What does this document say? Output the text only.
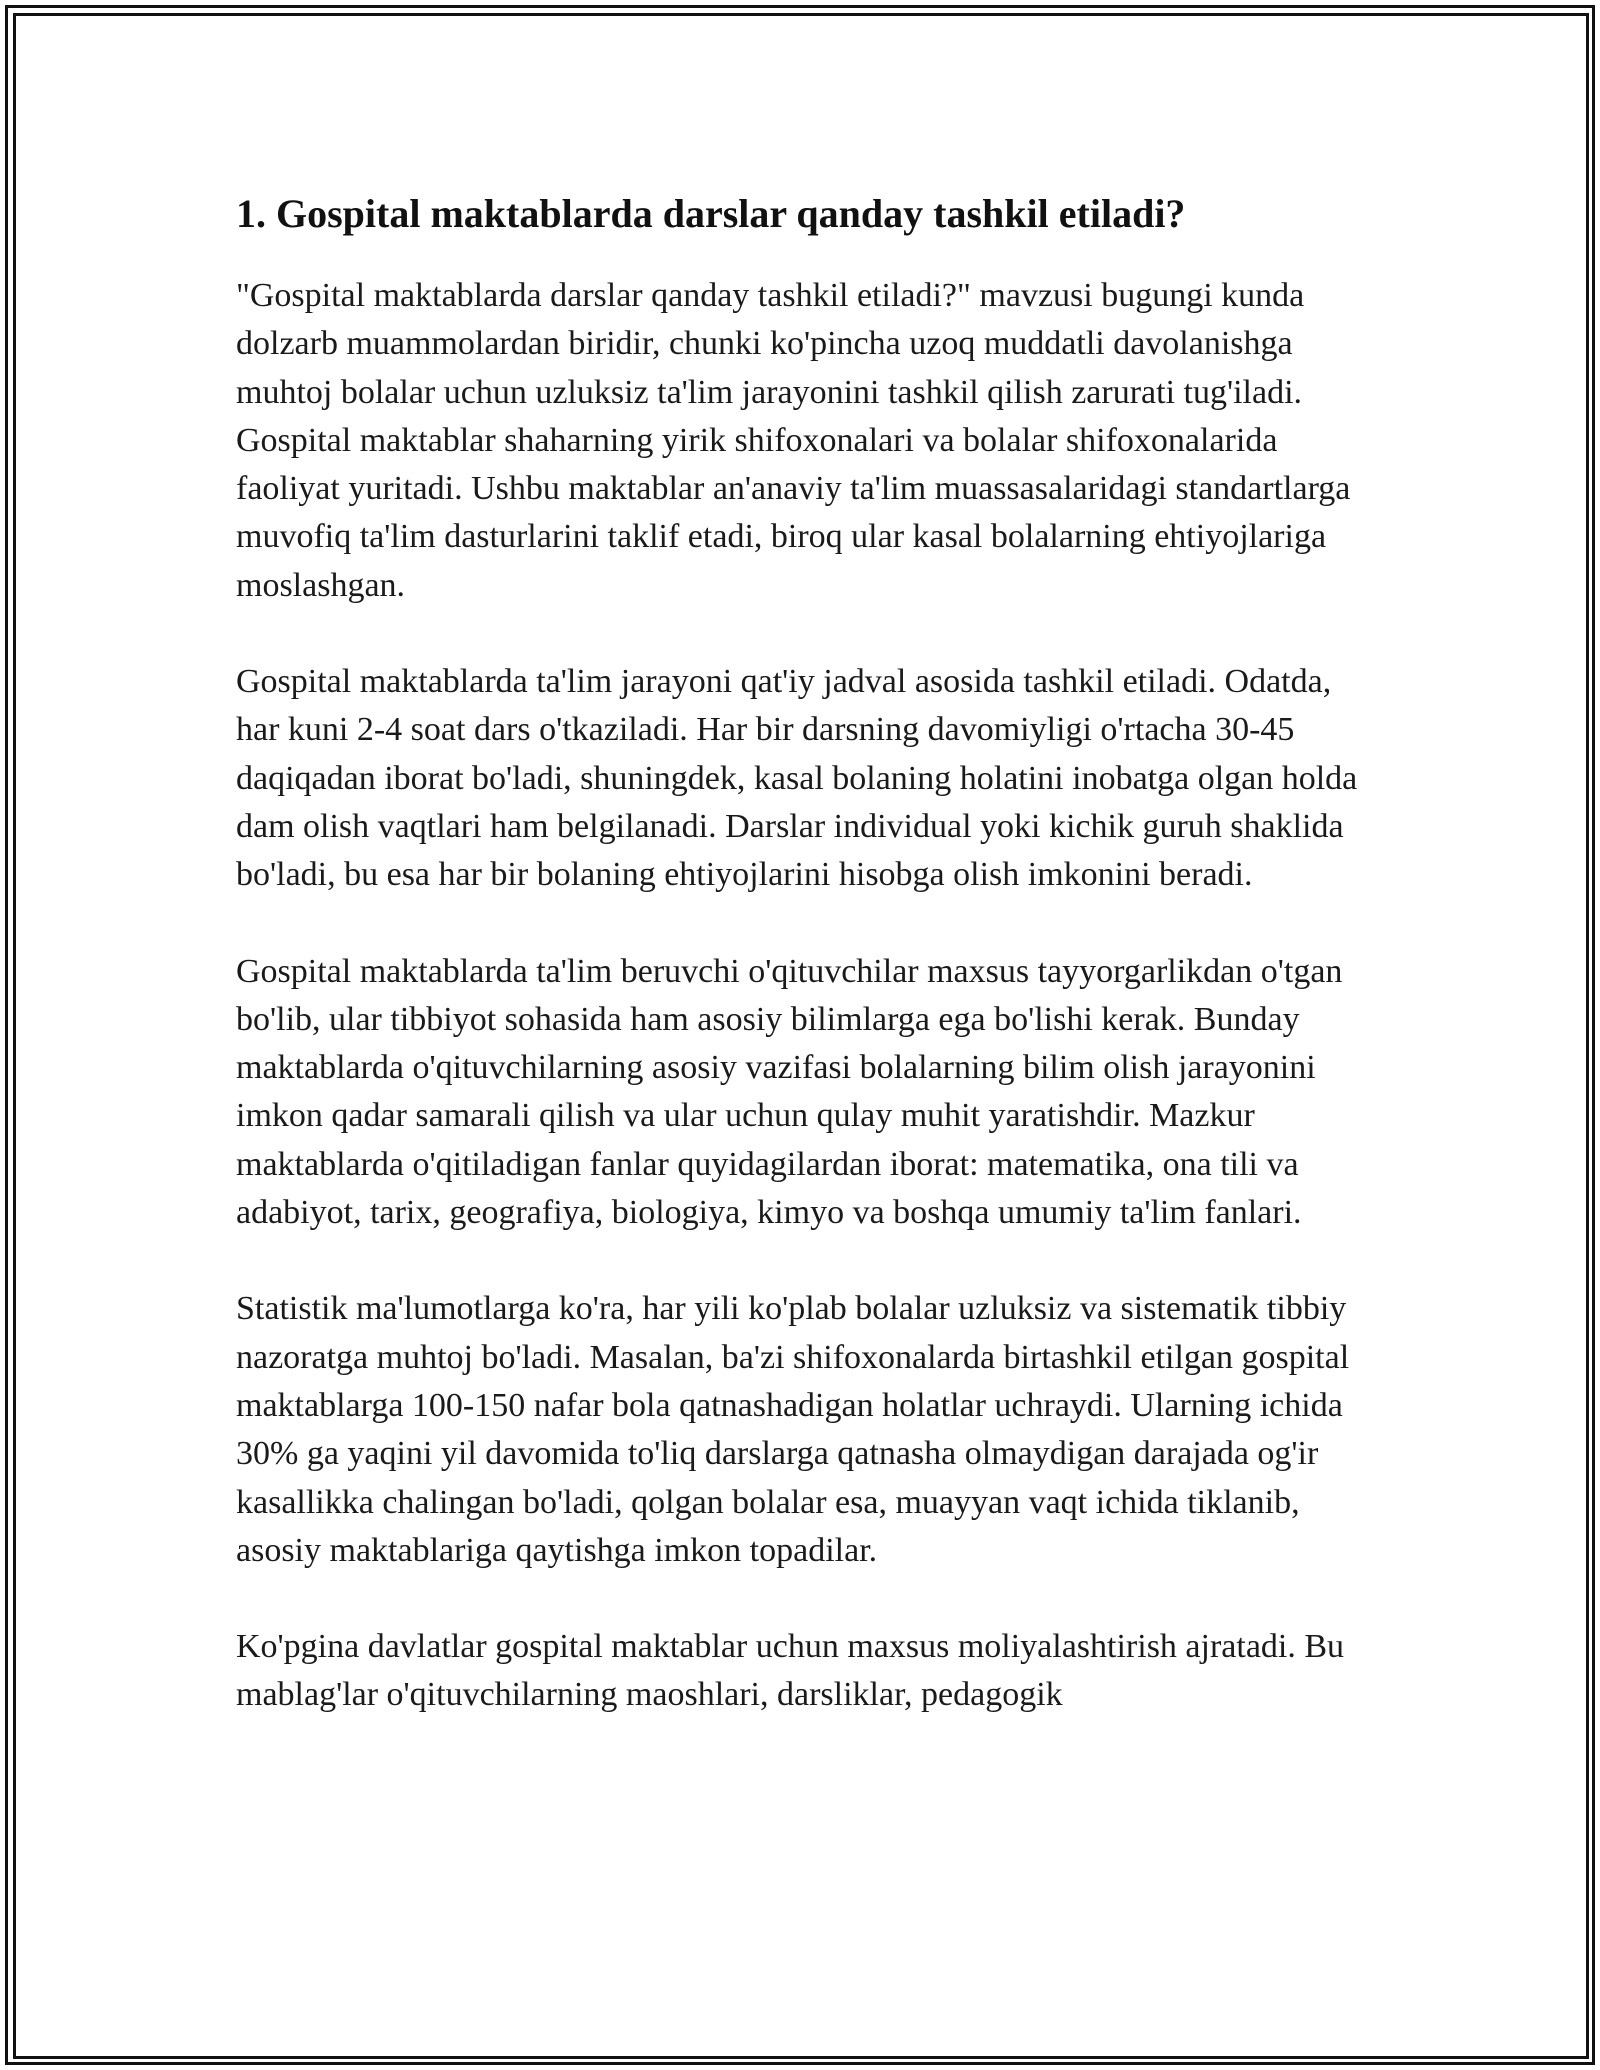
1. Gospital maktablarda darslar qanday tashkil etiladi?

"Gospital maktablarda darslar qanday tashkil etiladi?" mavzusi bugungi kunda dolzarb muammolardan biridir, chunki ko'pincha uzoq muddatli davolanishga muhtoj bolalar uchun uzluksiz ta'lim jarayonini tashkil qilish zarurati tug'iladi. Gospital maktablar shaharning yirik shifoxonalari va bolalar shifoxonalarida faoliyat yuritadi. Ushbu maktablar an'anaviy ta'lim muassasalaridagi standartlarga muvofiq ta'lim dasturlarini taklif etadi, biroq ular kasal bolalarning ehtiyojlariga moslashgan.

Gospital maktablarda ta'lim jarayoni qat'iy jadval asosida tashkil etiladi. Odatda, har kuni 2-4 soat dars o'tkaziladi. Har bir darsning davomiyligi o'rtacha 30-45 daqiqadan iborat bo'ladi, shuningdek, kasal bolaning holatini inobatga olgan holda dam olish vaqtlari ham belgilanadi. Darslar individual yoki kichik guruh shaklida bo'ladi, bu esa har bir bolaning ehtiyojlarini hisobga olish imkonini beradi.

Gospital maktablarda ta'lim beruvchi o'qituvchilar maxsus tayyorgarlikdan o'tgan bo'lib, ular tibbiyot sohasida ham asosiy bilimlarga ega bo'lishi kerak. Bunday maktablarda o'qituvchilarning asosiy vazifasi bolalarning bilim olish jarayonini imkon qadar samarali qilish va ular uchun qulay muhit yaratishdir. Mazkur maktablarda o'qitiladigan fanlar quyidagilardan iborat: matematika, ona tili va adabiyot, tarix, geografiya, biologiya, kimyo va boshqa umumiy ta'lim fanlari.

Statistik ma'lumotlarga ko'ra, har yili ko'plab bolalar uzluksiz va sistematik tibbiy nazoratga muhtoj bo'ladi. Masalan, ba'zi shifoxonalarda birtashkil etilgan gospital maktablarga 100-150 nafar bola qatnashadigan holatlar uchraydi. Ularning ichida 30% ga yaqini yil davomida to'liq darslarga qatnasha olmaydigan darajada og'ir kasallikka chalingan bo'ladi, qolgan bolalar esa, muayyan vaqt ichida tiklanib, asosiy maktablariga qaytishga imkon topadilar.

Ko'pgina davlatlar gospital maktablar uchun maxsus moliyalashtirish ajratadi. Bu mablag'lar o'qituvchilarning maoshlari, darsliklar, pedagogik
